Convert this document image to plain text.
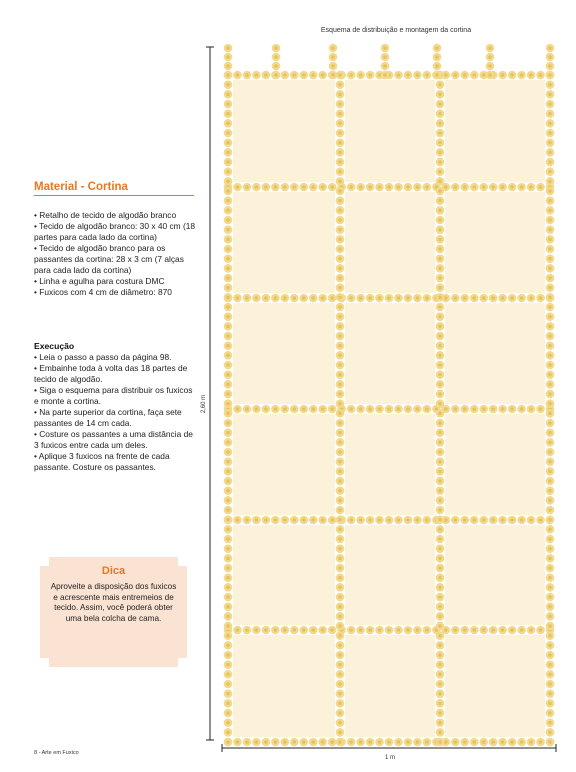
Esquema de distribuição e montagem da cortina
2,60 m
1 m
Material - Cortina
• Retalho de tecido de algodão branco
• Tecido de algodão branco: 30 x 40 cm (18 partes para cada lado da cortina)
• Tecido de algodão branco para os passantes da cortina: 28 x 3 cm (7 alças para cada lado da cortina)
• Linha e agulha para costura DMC
• Fuxicos com 4 cm de diâmetro: 870
Execução
• Leia o passo a passo da página 98.
• Embainhe toda à volta das 18 partes de tecido de algodão.
• Siga o esquema para distribuir os fuxicos e monte a cortina.
• Na parte superior da cortina, faça sete passantes de 14 cm cada.
• Costure os passantes a uma distância de 3 fuxicos entre cada um deles.
• Aplique 3 fuxicos na frente de cada passante. Costure os passantes.
Dica
Aproveite a disposição dos fuxicos e acrescente mais entremeios de tecido. Assim, você poderá obter uma bela colcha de cama.
8 - Arte em Fuxico
